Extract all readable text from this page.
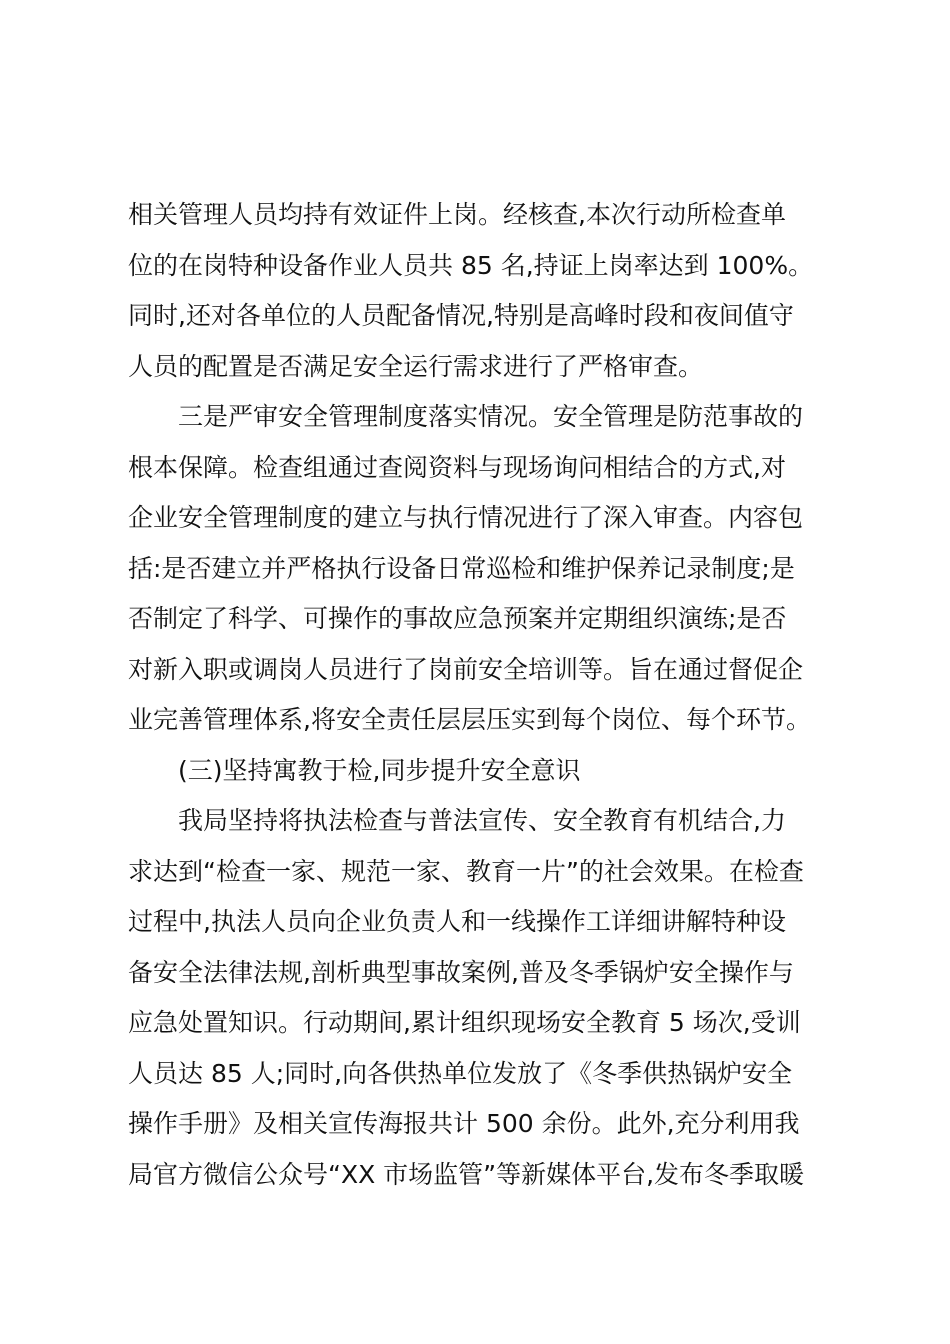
相关管理人员均持有效证件上岗。经核查,本次行动所检查单
位的在岗特种设备作业人员共 85 名,持证上岗率达到 100%。
同时,还对各单位的人员配备情况,特别是高峰时段和夜间值守
人员的配置是否满足安全运行需求进行了严格审查。
三是严审安全管理制度落实情况。安全管理是防范事故的
根本保障。检查组通过查阅资料与现场询问相结合的方式,对
企业安全管理制度的建立与执行情况进行了深入审查。内容包
括:是否建立并严格执行设备日常巡检和维护保养记录制度;是
否制定了科学、可操作的事故应急预案并定期组织演练;是否
对新入职或调岗人员进行了岗前安全培训等。旨在通过督促企
业完善管理体系,将安全责任层层压实到每个岗位、每个环节。
(三)坚持寓教于检,同步提升安全意识
我局坚持将执法检查与普法宣传、安全教育有机结合,力
求达到“检查一家、规范一家、教育一片”的社会效果。在检查
过程中,执法人员向企业负责人和一线操作工详细讲解特种设
备安全法律法规,剖析典型事故案例,普及冬季锅炉安全操作与
应急处置知识。行动期间,累计组织现场安全教育 5 场次,受训
人员达 85 人;同时,向各供热单位发放了《冬季供热锅炉安全
操作手册》及相关宣传海报共计 500 余份。此外,充分利用我
局官方微信公众号“XX 市场监管”等新媒体平台,发布冬季取暖
